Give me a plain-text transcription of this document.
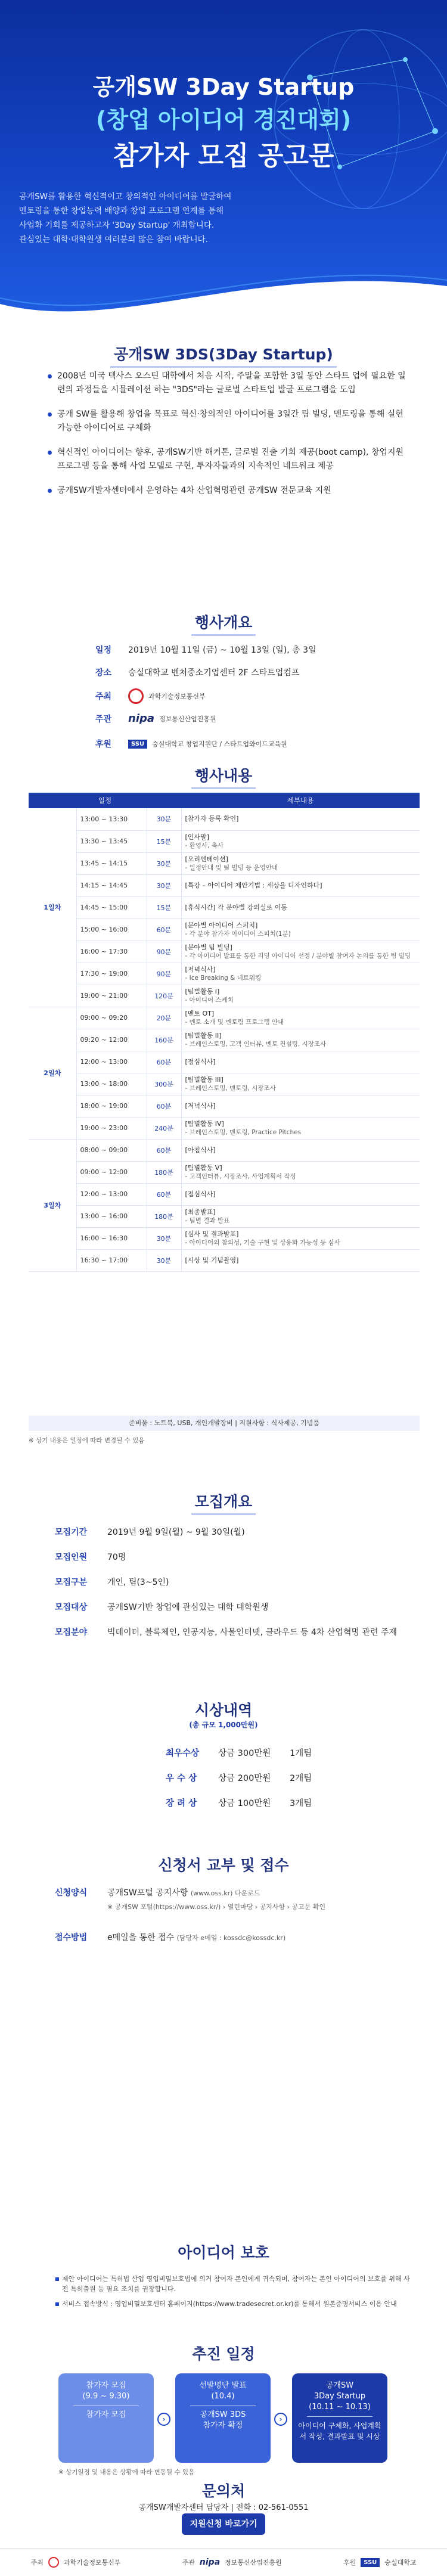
공개SW 3Day Startup
(창업 아이디어 경진대회)
참가자 모집 공고문

공개SW를 활용한 혁신적이고 창의적인 아이디어를 발굴하여

멘토링을 통한 창업능력 배양과 창업 프로그램 연계를 통해

사업화 기회를 제공하고자 '3Day Startup' 개최합니다.

관심있는 대학·대학원생 여러분의 많은 참여 바랍니다.

공개SW 3DS(3Day Startup)
2008년 미국 텍사스 오스틴 대학에서 처음 시작, 주말을 포함한 3일 동안 스타트 업에 필요한 일련의 과정들을 시뮬레이션 하는 "3DS"라는 글로벌 스타트업 발굴 프로그램을 도입
공개 SW를 활용해 창업을 목표로 혁신·창의적인 아이디어를 3일간 팀 빌딩, 멘토링을 통해 실현 가능한 아이디어로 구체화
혁신적인 아이디어는 향후, 공개SW기반 해커톤, 글로벌 진출 기회 제공(boot camp), 창업지원 프로그램 등을 통해 사업 모델로 구현, 투자자들과의 지속적인 네트워크 제공
공개SW개발자센터에서 운영하는 4차 산업혁명관련 공개SW 전문교육 지원
행사개요
일정	2019년 10월 11일 (금) ~ 10월 13일 (일), 총 3일
장소	숭실대학교 벤처중소기업센터 2F 스타트업컴프
주최	과학기술정보통신부
주관	nipa 정보통신산업진흥원
후원	SSU	숭실대학교 창업지원단 / 스타트업와이드교육원
행사내용
일정			세부내용
1일차	13:00 ~ 13:30	30분	[참가자 등록 확인]

	13:30 ~ 13:45	15분	[인사말]
- 환영사, 축사

	13:45 ~ 14:15	30분	[오리엔테이션]
- 일정안내 및 팀 빌딩 등 운영안내

	14:15 ~ 14:45	30분	[특강 – 아이디어 제안기법 : 세상을 디자인하다]

	14:45 ~ 15:00	15분	[휴식시간] 각 분야별 강의실로 이동

	15:00 ~ 16:00	60분	[분야별 아이디어 스피치]
- 각 분야 참가자 아이디어 스피치(1분)

	16:00 ~ 17:30	90분	[분야별 팀 빌딩]
- 각 아이디어 발표를 통한 리딩 아이디어 선정 / 분야별 참여자 논의를 통한 팀 빌딩

	17:30 ~ 19:00	90분	[저녁식사]
- Ice Breaking & 네트워킹

	19:00 ~ 21:00	120분	[팀별활동 I]
- 아이디어 스케치

2일차	09:00 ~ 09:20	20분	[멘토 OT]
- 멘토 소개 및 멘토링 프로그램 안내

	09:20 ~ 12:00	160분	[팀별활동 II]
- 브레인스토밍, 고객 인터뷰, 멘토 컨설팅, 시장조사

	12:00 ~ 13:00	60분	[점심식사]

	13:00 ~ 18:00	300분	[팀별활동 III]
- 브레인스토밍, 멘토링, 시장조사

	18:00 ~ 19:00	60분	[저녁식사]

	19:00 ~ 23:00	240분	[팀별활동 IV]
- 브레인스토밍, 멘토링, Practice Pitches

3일차	08:00 ~ 09:00	60분	[아침식사]

	09:00 ~ 12:00	180분	[팀별활동 V]
- 고객인터뷰, 시장조사, 사업계획서 작성

	12:00 ~ 13:00	60분	[점심식사]

	13:00 ~ 16:00	180분	[최종발표]
- 팀별 결과 발표

	16:00 ~ 16:30	30분	[심사 및 결과발표]
- 아이디어의 참의성, 기술 구현 및 상용화 가능성 등 심사

	16:30 ~ 17:00	30분	[시상 및 기념촬영]
준비물 : 노트북, USB, 개인개발장비 | 지원사항 : 식사제공, 기념품
※ 상기 내용은 일정에 따라 변경될 수 있음
모집개요
모집기간	2019년 9월 9일(월) ~ 9월 30일(월)
모집인원	70명
모집구분	개인, 팀(3~5인)
모집대상	공개SW기반 창업에 관심있는 대학 대학원생
모집분야	빅데이터, 블록체인, 인공지능, 사물인터넷, 클라우드 등 4차 산업혁명 관련 주제
시상내역
(총 규모 1,000만원)
최우수상	상금 300만원	1개팀
우 수 상	상금 200만원	2개팀
장 려 상	상금 100만원	3개팀
신청서 교부 및 접수
신청양식	공개SW포털 공지사항 (www.oss.kr) 다운로드
※ 공개SW 포털(https://www.oss.kr/) › 열린마당 › 공지사항 › 공고문 확인
접수방법	e메일을 통한 접수 (담당자 e메일 : kossdc@kossdc.kr)
아이디어 보호
■ 제안 아이디어는 특허법 산업 영업비밀보호법에 의거 참여자 본인에게 귀속되며, 참여자는 본인 아이디어의 보호를 위해 사전 특허출원 등 필요 조치를 권장합니다.
■ 서비스 접속방식 : 영업비밀보호센터 홈페이지(https://www.tradesecret.or.kr)를 통해서 원본증명서비스 이용 안내
추진 일정
참가자 모집
(9.9 ~ 9.30)
참가자 모집	›
선발명단 발표
(10.4)
공개SW 3DS
참가자 확정
›
공개SW
3Day Startup
(10.11 ~ 10.13)
아이디어 구체화, 사업계획서 작성, 결과발표 및 시상
※ 상기일정 및 내용은 상황에 따라 변동될 수 있음
문의처
공개SW개발자센터 담당자 | 전화 : 02-561-0551
지원신청 바로가기
주최	과학기술정보통신부	주관 nipa 정보통신산업진흥원	후원	SSU	숭실대학교
